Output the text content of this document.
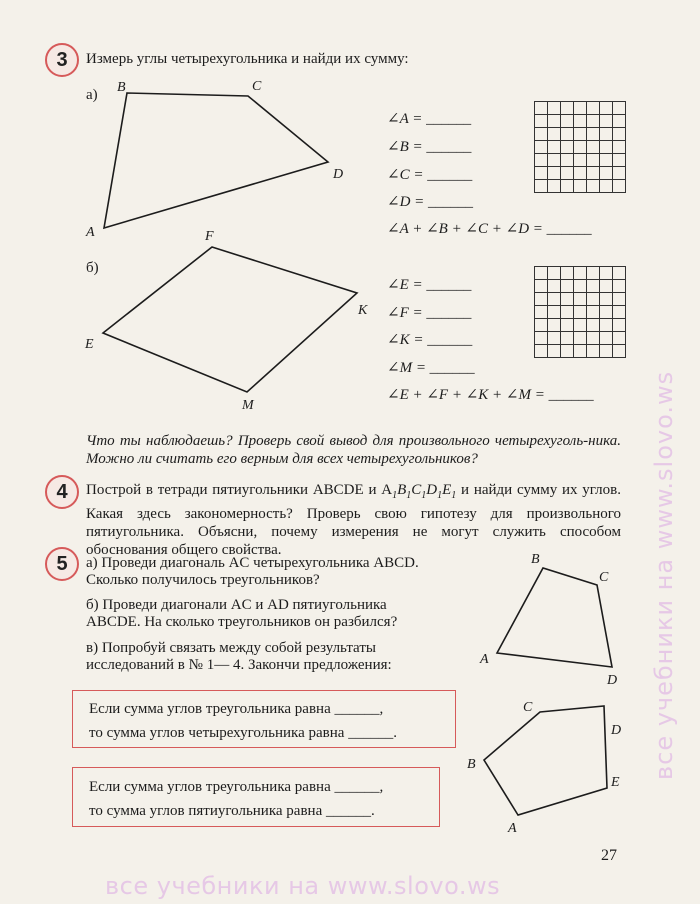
3	Измерь углы четырехугольника и найди их сумму:
а)
A
B	C
D
E
F
K
M
A
B
C
D
A
B
C
D
E
∠A = ______
∠B = ______
∠C = ______
∠D = ______
∠A + ∠B + ∠C + ∠D = ______

б)
∠E = ______
∠F = ______
∠K = ______
∠M = ______
∠E + ∠F + ∠K + ∠M = ______

Что ты наблюдаешь? Проверь свой вывод для произвольного четырехуголь-ника. Можно ли считать его верным для всех четырехугольников?
4	Построй в тетради пятиугольники ABCDE и $A_1B_1C_1D_1E_1$ и найди сумму их углов. Какая здесь закономерность? Проверь свою гипотезу для произвольного пятиугольника. Объясни, почему измерения не могут служить способом обоснования общего свойства.
5	а) Проведи диагональ AC четырехугольника ABCD.
Сколько получилось треугольников?
б) Проведи диагонали AC и AD пятиугольника
ABCDE. На сколько треугольников он разбился?
в) Попробуй связать между собой результаты
исследований в № 1— 4. Закончи предложения:
Если сумма углов треугольника равна ______,
то сумма углов четырехугольника равна ______.
Если сумма углов треугольника равна ______,
то сумма углов пятиугольника равна ______.
27
все учебники на www.slovo.ws
все учебники на www.slovo.ws
